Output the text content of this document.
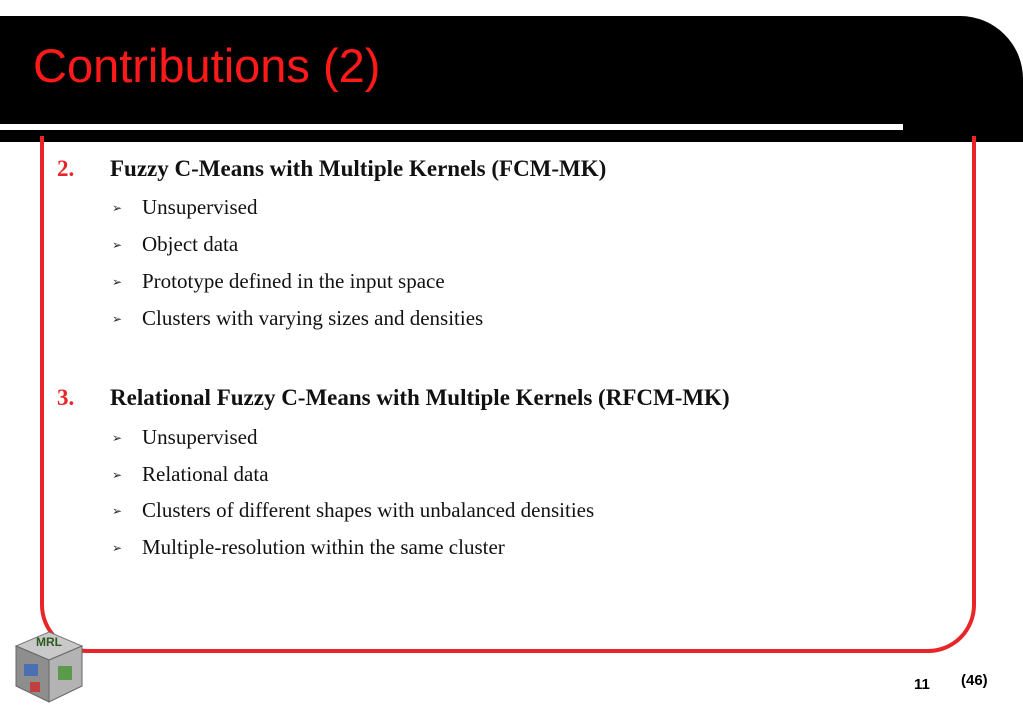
Contributions (2)
2. Fuzzy C-Means with Multiple Kernels (FCM-MK)
➢ Unsupervised
➢ Object data
➢ Prototype defined in the input space
➢ Clusters with varying sizes and densities
3. Relational Fuzzy C-Means with Multiple Kernels (RFCM-MK)
➢ Unsupervised
➢ Relational data
➢ Clusters of different shapes with unbalanced densities
➢ Multiple-resolution within the same cluster
MRL
11 (46)
